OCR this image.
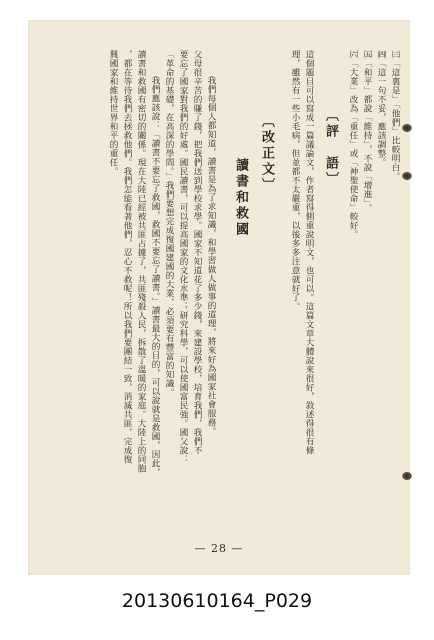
㈢「這裏是」「他們」比較明白。
㈣「這一句不妥，應該調整。
㈤「和平」都說「維持」，不說「增進」。
㈥「大業」改為「重任」或「神聖使命」較好。
〔評　語〕
這個題目可以寫成一篇議論文，作者寫得側重說明文，也可以。這篇文章大體說來很好，敘述得很有條
理，雖然有一些小毛病，但並都不太嚴重，以後多多注意就好了。
〔改正文〕
讀書和救國
我們每個人都知道，讀書是為了求知識，和學習做人做事的道理，將來好為國家社會服務。
父母很辛苦的賺了錢，把我們送到學校求學。國家不知道花了多少錢，來建設學校，培育我們，我們不
要忘了國家對我們的好處。國民讀書，可以提高國家的文化水準；研究科學，可以使國富民強。國父說：
「革命的基礎，在高深的學問。」我們要想完成復國建國的大業，必須要有豐富的知識。
我們應該說：「讀書不要忘了救國，救國不要忘了讀書。」讀書最大的目的，可以說就是救國，因此，
讀書和救國有密切的關係。現在大陸已經被共匪占據了，共匪殘殺人民，拆散了溫暖的家庭。大陸上的同胞
，都在等待我們去拯救他們。我們怎能看著他們，忍心不救呢！所以我們要團結一致，消滅共匪，完成復
興國家和維持世界和平的重任。
— 28 —
20130610164_P029
